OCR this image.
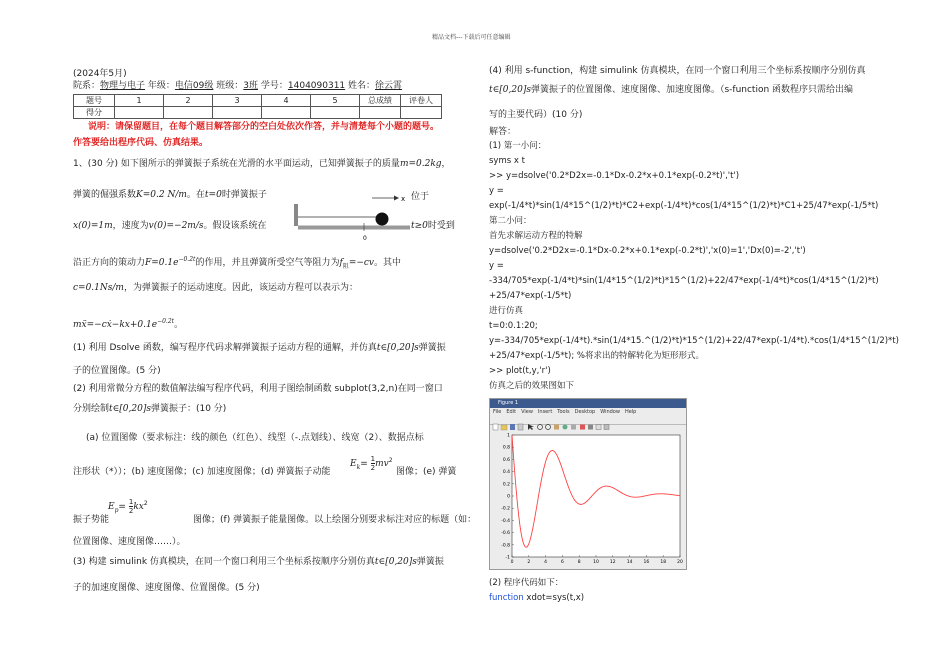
精品文档---下载后可任意编辑
(2024年5月)
院系：物理与电子 年级：电信09级 班级：3班 学号：1404090311 姓名：徐云霄
题号	1	2	3	4	5	总成绩	评卷人
得分							
说明：请保留题目，在每个题目解答部分的空白处依次作答，并与清楚每个小题的题号。
作答要给出程序代码、仿真结果。
1、(30 分) 如下图所示的弹簧振子系统在光滑的水平面运动，已知弹簧振子的质量m=0.2kg，
弹簧的倔强系数K=0.2 N/m。在t=0时弹簧振子	位于
x
0
x(0)=1m，速度为v(0)=−2m/s。假设该系统在	t≥0时受到
沿正方向的策动力$F=0.1e^{-0.2t}$的作用，并且弹簧所受空气等阻力为$f_阻=-cv$。其中
c=0.1Ns/m，为弹簧振子的运动速度。因此，该运动方程可以表示为：
$mẍ=-cẋ-kx+0.1e^{-0.2t}$。
(1) 利用 Dsolve 函数，编写程序代码求解弹簧振子运动方程的通解，并仿真t∈[0,20]s弹簧振
子的位置图像。(5 分)
(2) 利用常微分方程的数值解法编写程序代码，利用子图绘制函数 subplot(3,2,n)在同一窗口
分别绘制t∈[0,20]s弹簧振子：(10 分)
(a) 位置图像（要求标注：线的颜色（红色）、线型（-.点划线）、线宽（2）、数据点标
注形状（*））；(b) 速度图像；(c) 加速度图像；(d) 弹簧振子动能
$E_k= \frac{1}{2} mv^2$
图像；(e) 弹簧
$E_p= \frac{1}{2} kx^2$
振子势能	图像；(f) 弹簧振子能量图像。以上绘图分别要求标注对应的标题（如：
位置图像、速度图像……）。
(3) 构建 simulink 仿真模块，在同一个窗口利用三个坐标系按顺序分别仿真t∈[0,20]s弹簧振
子的加速度图像、速度图像、位置图像。(5 分)
(4) 利用 s-function，构建 simulink 仿真模块，在同一个窗口利用三个坐标系按顺序分别仿真
t∈[0,20]s弹簧振子的位置图像、速度图像、加速度图像。（s-function 函数程序只需给出编
写的主要代码）(10 分)
解答：
(1) 第一小问：
syms x t
>> y=dsolve('0.2*D2x=-0.1*Dx-0.2*x+0.1*exp(-0.2*t)','t')
y =
exp(-1/4*t)*sin(1/4*15^(1/2)*t)*C2+exp(-1/4*t)*cos(1/4*15^(1/2)*t)*C1+25/47*exp(-1/5*t)
第二小问：
首先求解运动方程的特解
y=dsolve('0.2*D2x=-0.1*Dx-0.2*x+0.1*exp(-0.2*t)','x(0)=1','Dx(0)=-2','t')
y =
-334/705*exp(-1/4*t)*sin(1/4*15^(1/2)*t)*15^(1/2)+22/47*exp(-1/4*t)*cos(1/4*15^(1/2)*t)
+25/47*exp(-1/5*t)
进行仿真
t=0:0.1:20;
y=-334/705*exp(-1/4*t).*sin(1/4*15.^(1/2)*t)*15^(1/2)+22/47*exp(-1/4*t).*cos(1/4*15^(1/2)*t)
+25/47*exp(-1/5*t); %将求出的特解转化为矩形形式。
>> plot(t,y,'r')
仿真之后的效果图如下
Figure 1
File Edit View Insert Tools Desktop Window Help
1
0.8
0.6
0.4
0.2
0
-0.2
-0.4
-0.6
-0.8
-1
0	2	4	6	8	10 12 14 16 18 20
(2) 程序代码如下：
function xdot=sys(t,x)
